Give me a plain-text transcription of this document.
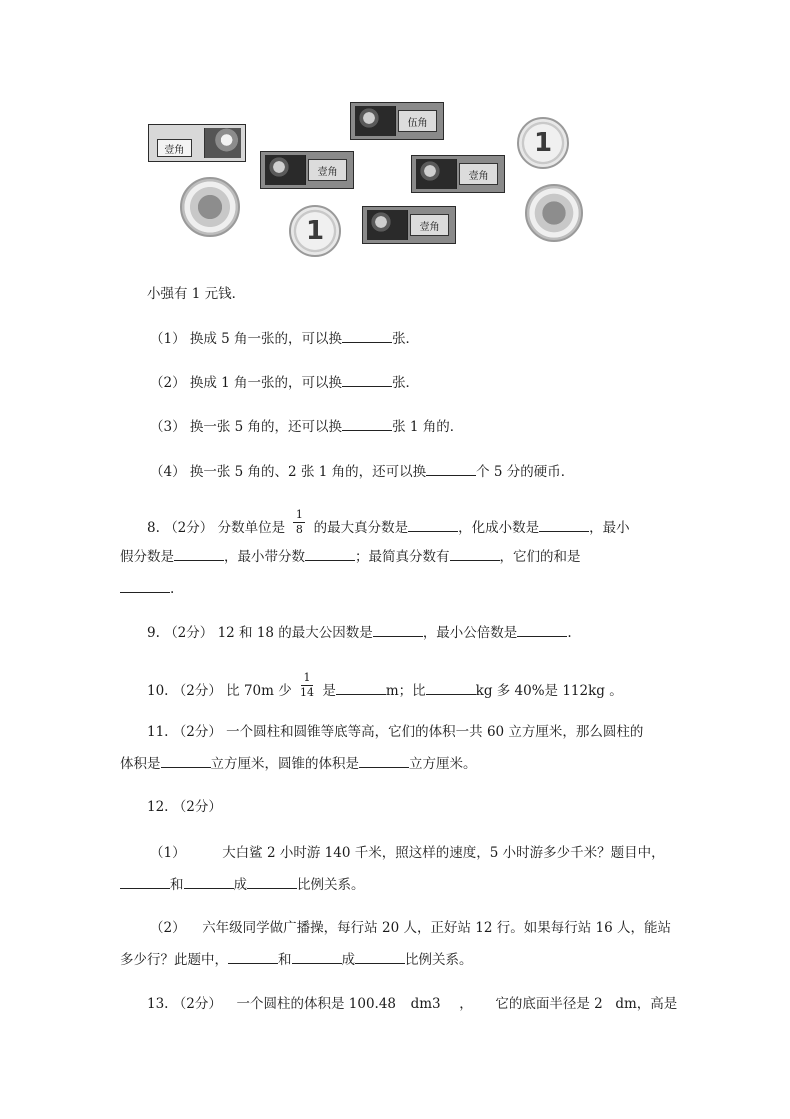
壹角
伍角
壹角	壹角
壹角
1
1
小强有 1 元钱．
（1） 换成 5 角一张的，可以换	张．
（2） 换成 1 角一张的，可以换	张．
（3） 换一张 5 角的，还可以换	张 1 角的．
（4） 换一张 5 角的、2 张 1 角的，还可以换	个 5 分的硬币．
8. （2分） 分数单位是 $\frac{1}{8}$ 的最大真分数是	，化成小数是	，最小
假分数是	，最小带分数	；最简真分数有	，它们的和是
.
9. （2分） 12 和 18 的最大公因数是	，最小公倍数是	.
10. （2分） 比 70m 少 $\frac{1}{14}$ 是	m；比	kg 多 40%是 112kg 。
11. （2分） 一个圆柱和圆锥等底等高，它们的体积一共 60 立方厘米，那么圆柱的
体积是	立方厘米，圆锥的体积是	立方厘米。
12. （2分）
（1）	大白鲨 2 小时游 140 千米，照这样的速度，5 小时游多少千米？题目中，
和	成	比例关系。
（2） 六年级同学做广播操，每行站 20 人，正好站 12 行。如果每行站 16 人，能站
多少行？此题中，	和	成	比例关系。
13. （2分） 一个圆柱的体积是 100.48 dm3 ， 它的底面半径是 2 dm，高是
